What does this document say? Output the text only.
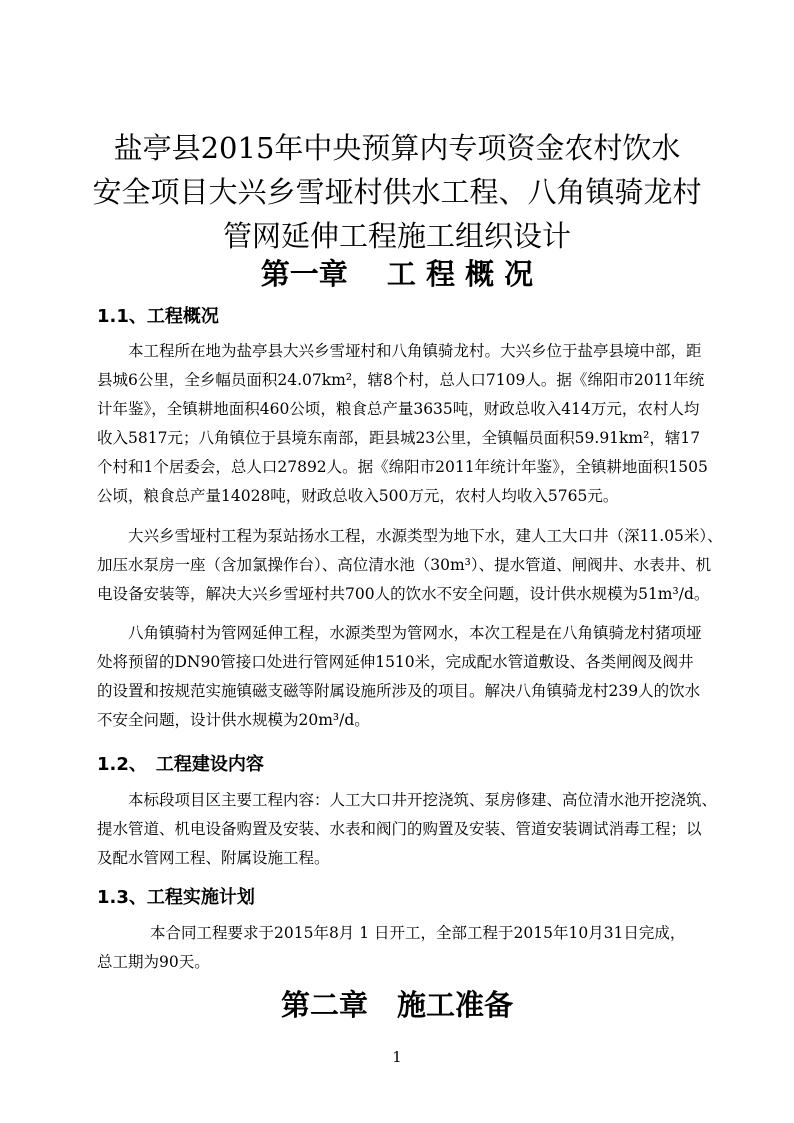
盐亭县2015年中央预算内专项资金农村饮水
安全项目大兴乡雪垭村供水工程、八角镇骑龙村
管网延伸工程施工组织设计
第一章　 工 程 概 况
1.1、工程概况
本工程所在地为盐亭县大兴乡雪垭村和八角镇骑龙村。大兴乡位于盐亭县境中部，距
县城6公里，全乡幅员面积24.07km²，辖8个村，总人口7109人。据《绵阳市2011年统
计年鉴》，全镇耕地面积460公顷，粮食总产量3635吨，财政总收入414万元，农村人均
收入5817元；八角镇位于县境东南部，距县城23公里，全镇幅员面积59.91km²，辖17
个村和1个居委会，总人口27892人。据《绵阳市2011年统计年鉴》，全镇耕地面积1505
公顷，粮食总产量14028吨，财政总收入500万元，农村人均收入5765元。
大兴乡雪垭村工程为泵站扬水工程，水源类型为地下水，建人工大口井（深11.05米）、
加压水泵房一座（含加氯操作台）、高位清水池（30m³）、提水管道、闸阀井、水表井、机
电设备安装等，解决大兴乡雪垭村共700人的饮水不安全问题，设计供水规模为51m³/d。
八角镇骑村为管网延伸工程，水源类型为管网水，本次工程是在八角镇骑龙村猪项垭
处将预留的DN90管接口处进行管网延伸1510米，完成配水管道敷设、各类闸阀及阀井
的设置和按规范实施镇磁支磁等附属设施所涉及的项目。解决八角镇骑龙村239人的饮水
不安全问题，设计供水规模为20m³/d。
1.2、　工程建设内容
本标段项目区主要工程内容：人工大口井开挖浇筑、泵房修建、高位清水池开挖浇筑、
提水管道、机电设备购置及安装、水表和阀门的购置及安装、管道安装调试消毒工程；以
及配水管网工程、附属设施工程。
1.3、工程实施计划
本合同工程要求于2015年8月 1 日开工，全部工程于2015年10月31日完成，
总工期为90天。
第二章　施工准备
1
